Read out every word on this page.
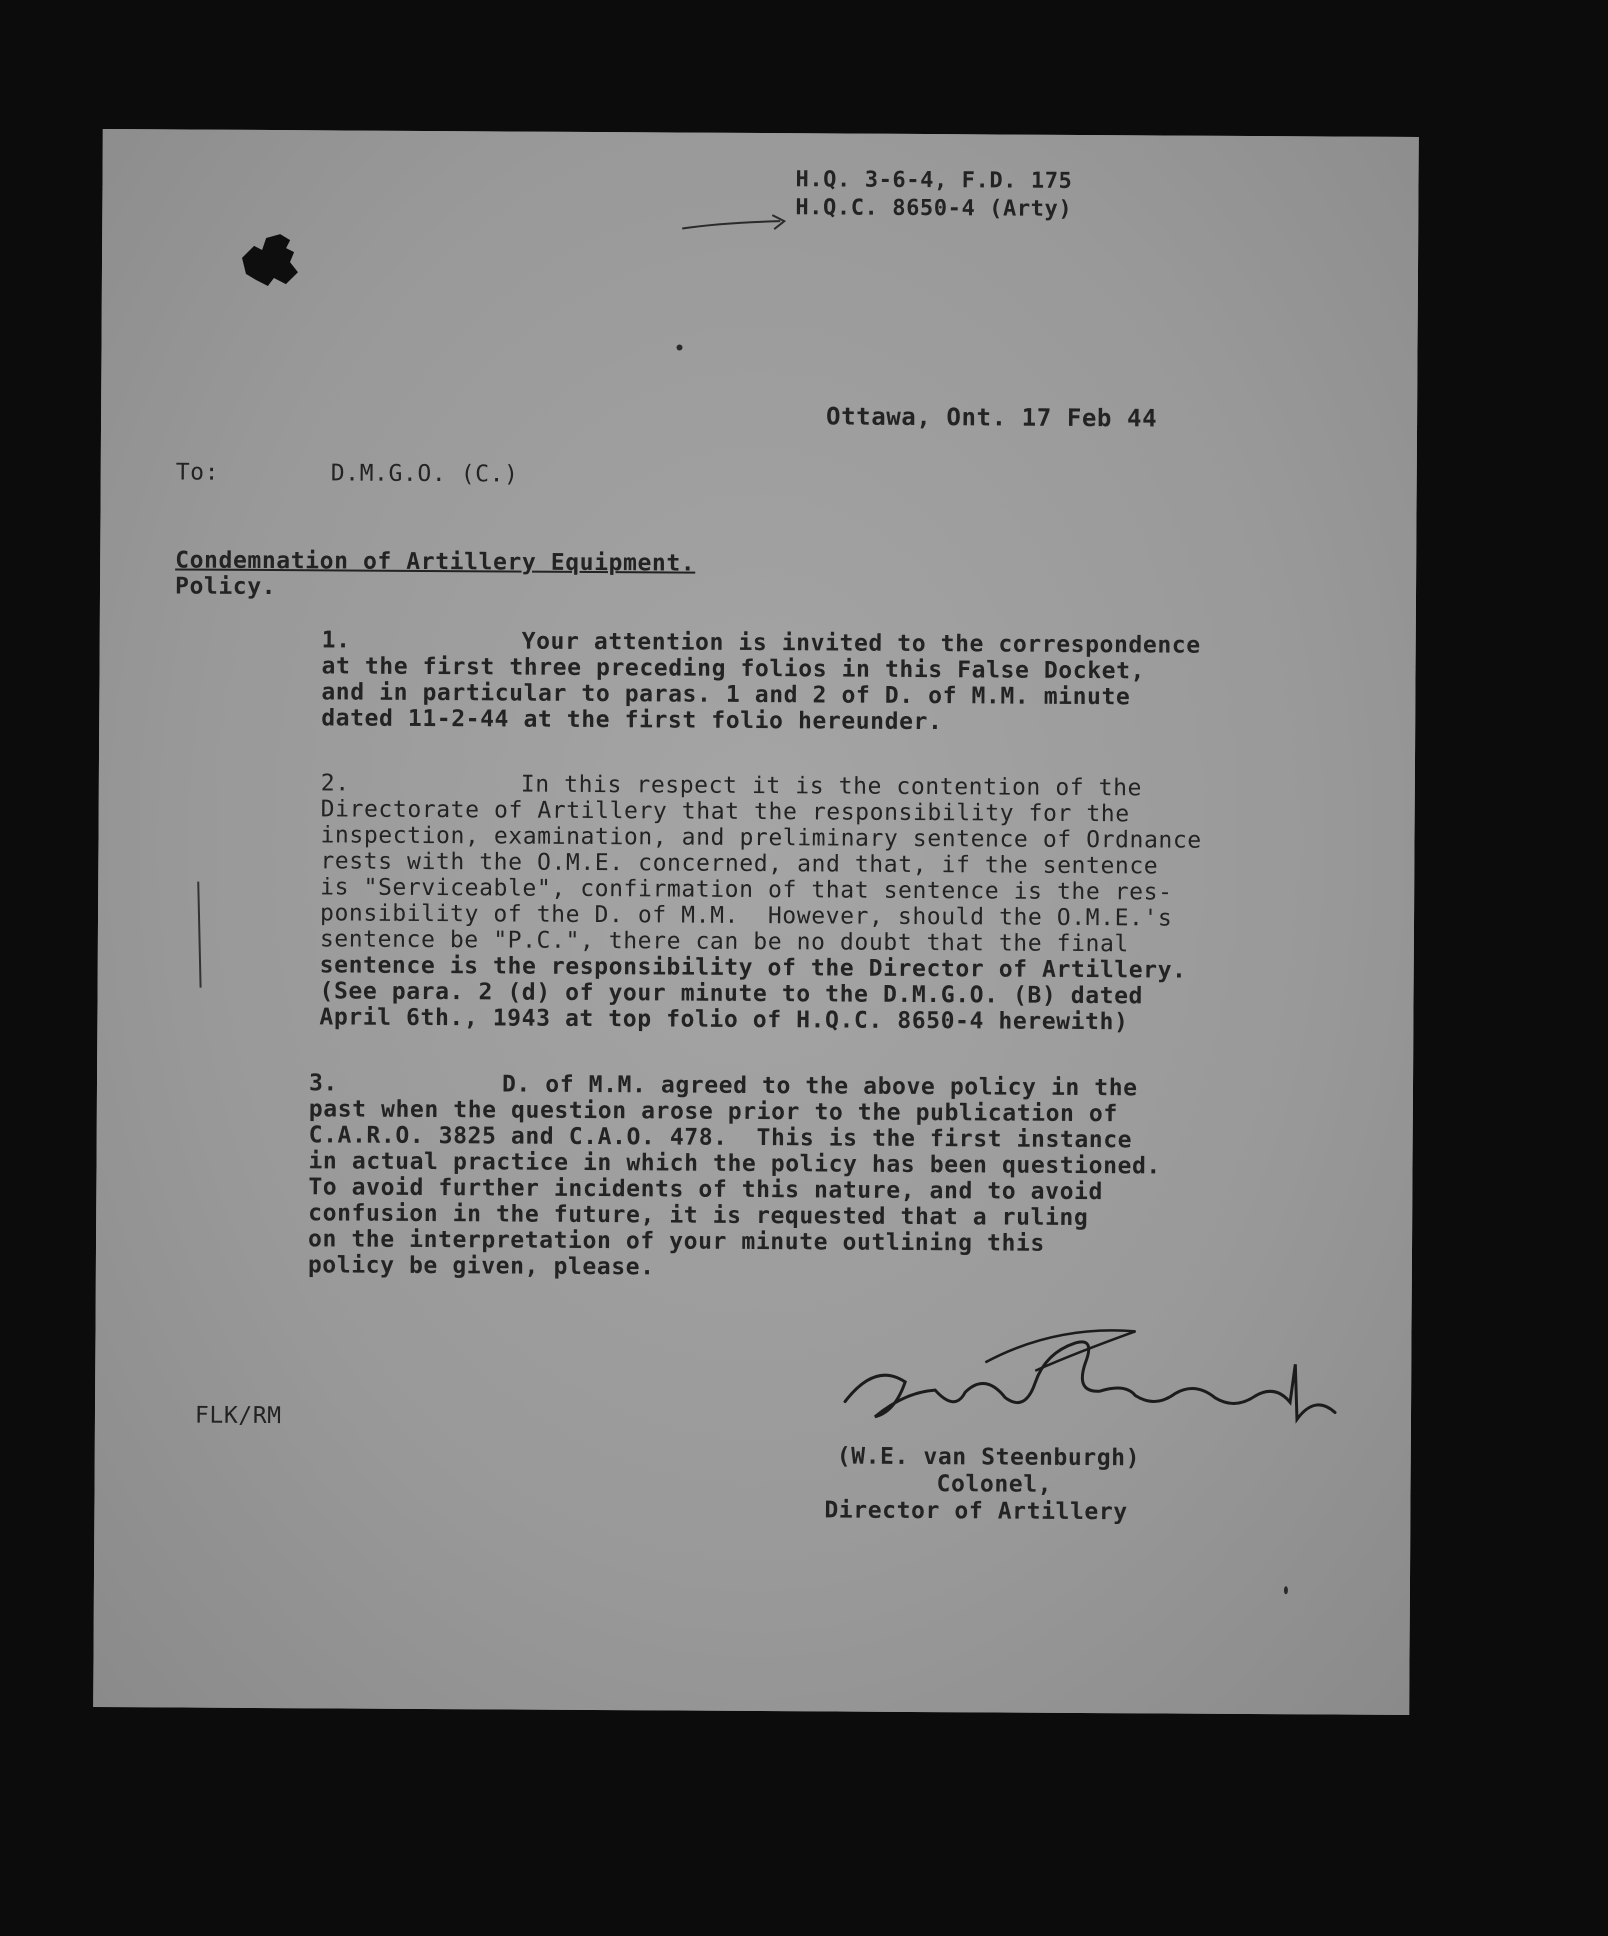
H.Q. 3-6-4, F.D. 175
H.Q.C. 8650-4 (Arty)
Ottawa, Ont. 17 Feb 44
To:	D.M.G.O. (C.)
Condemnation of Artillery Equipment.
Policy.
1.	Your attention is invited to the correspondence
at the first three preceding folios in this False Docket,
and in particular to paras. 1 and 2 of D. of M.M. minute
dated 11-2-44 at the first folio hereunder.
2.	In this respect it is the contention of the
Directorate of Artillery that the responsibility for the
inspection, examination, and preliminary sentence of Ordnance
rests with the O.M.E. concerned, and that, if the sentence
is "Serviceable", confirmation of that sentence is the res-
ponsibility of the D. of M.M.  However, should the O.M.E.'s
sentence be "P.C.", there can be no doubt that the final
sentence is the responsibility of the Director of Artillery.
(See para. 2 (d) of your minute to the D.M.G.O. (B) dated
April 6th., 1943 at top folio of H.Q.C. 8650-4 herewith)
3.	D. of M.M. agreed to the above policy in the
past when the question arose prior to the publication of
C.A.R.O. 3825 and C.A.O. 478.  This is the first instance
in actual practice in which the policy has been questioned.
To avoid further incidents of this nature, and to avoid
confusion in the future, it is requested that a ruling
on the interpretation of your minute outlining this
policy be given, please.
FLK/RM
(W.E. van Steenburgh)
Colonel,
Director of Artillery
